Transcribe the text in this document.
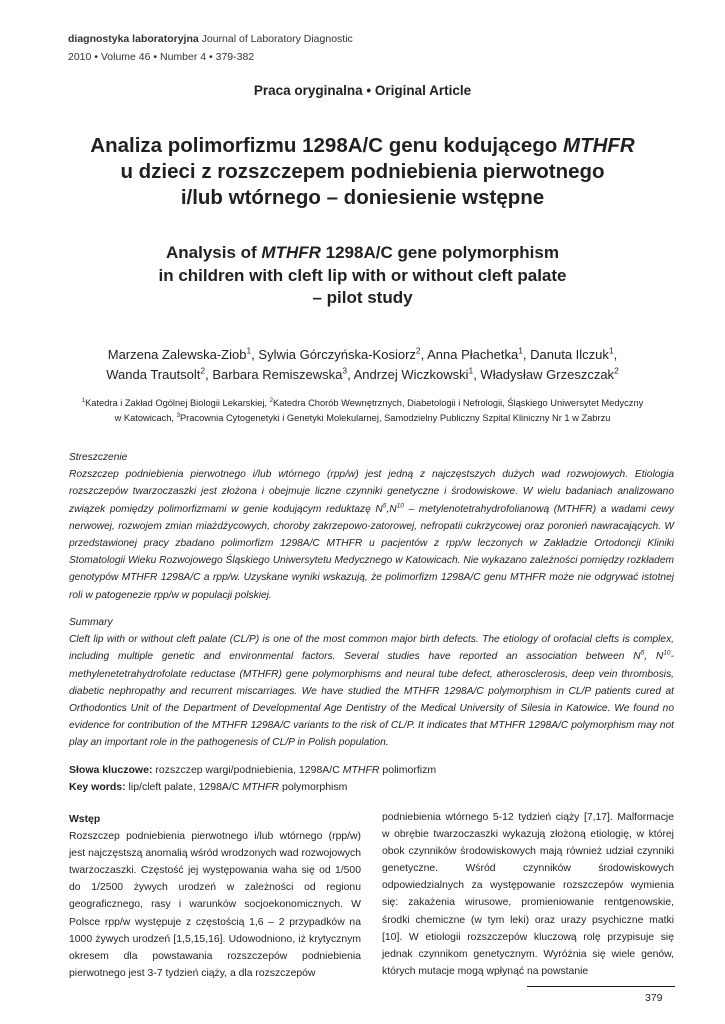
diagnostyka laboratoryjna Journal of Laboratory Diagnostic
2010 • Volume 46 • Number 4 • 379-382
Praca oryginalna • Original Article
Analiza polimorfizmu 1298A/C genu kodującego MTHFR
u dzieci z rozszczepem podniebienia pierwotnego
i/lub wtórnego – doniesienie wstępne
Analysis of MTHFR 1298A/C gene polymorphism
in children with cleft lip with or without cleft palate
– pilot study
Marzena Zalewska-Ziob$^1$, Sylwia Górczyńska-Kosiorz$^2$, Anna Płachetka$^1$, Danuta Ilczuk$^1$,
Wanda Trautsolt$^2$, Barbara Remiszewska$^3$, Andrzej Wiczkowski$^1$, Władysław Grzeszczak$^2$
$^1$Katedra i Zakład Ogólnej Biologii Lekarskiej, $^2$Katedra Chorób Wewnętrznych, Diabetologii i Nefrologii, Śląskiego Uniwersytet Medyczny
w Katowicach, $^3$Pracownia Cytogenetyki i Genetyki Molekularnej, Samodzielny Publiczny Szpital Kliniczny Nr 1 w Zabrzu
Streszczenie
Rozszczep podniebienia pierwotnego i/lub wtórnego (rpp/w) jest jedną z najczęstszych dużych wad rozwojowych. Etiologia rozszczepów twarzoczaszki jest złożona i obejmuje liczne czynniki genetyczne i środowiskowe. W wielu badaniach analizowano związek pomiędzy polimorfizmami w genie kodującym reduktazę $N^5,N^{10}$ – metylenotetrahydrofolianową (MTHFR) a wadami cewy nerwowej, rozwojem zmian miażdżycowych, choroby zakrzepowo-zatorowej, nefropatii cukrzycowej oraz poronień nawracających. W przedstawionej pracy zbadano polimorfizm 1298A/C MTHFR u pacjentów z rpp/w leczonych w Zakładzie Ortodoncji Kliniki Stomatologii Wieku Rozwojowego Śląskiego Uniwersytetu Medycznego w Katowicach. Nie wykazano zależności pomiędzy rozkładem genotypów MTHFR 1298A/C a rpp/w. Uzyskane wyniki wskazują, że polimorfizm 1298A/C genu MTHFR może nie odgrywać istotnej roli w patogenezie rpp/w w populacji polskiej.
Summary
Cleft lip with or without cleft palate (CL/P) is one of the most common major birth defects. The etiology of orofacial clefts is complex, including multiple genetic and environmental factors. Several studies have reported an association between $N^5$, $N^{10}$-methylenetetrahydrofolate reductase (MTHFR) gene polymorphisms and neural tube defect, atherosclerosis, deep vein thrombosis, diabetic nephropathy and recurrent miscarriages. We have studied the MTHFR 1298A/C polymorphism in CL/P patients cured at Orthodontics Unit of the Department of Developmental Age Dentistry of the Medical University of Silesia in Katowice. We found no evidence for contribution of the MTHFR 1298A/C variants to the risk of CL/P. It indicates that MTHFR 1298A/C polymorphism may not play an important role in the pathogenesis of CL/P in Polish population.
Słowa kluczowe: rozszczep wargi/podniebienia, 1298A/C MTHFR polimorfizm
Key words: lip/cleft palate, 1298A/C MTHFR polymorphism
Wstęp

Rozszczep podniebienia pierwotnego i/lub wtórnego (rpp/w) jest najczęstszą anomalią wśród wrodzonych wad rozwojowych twarzoczaszki. Częstość jej występowania waha się od 1/500 do 1/2500 żywych urodzeń w zależności od regionu geograficznego, rasy i warunków socjoekonomicznych. W Polsce rpp/w występuje z częstością 1,6 – 2 przypadków na 1000 żywych urodzeń [1,5,15,16]. Udowodniono, iż krytycznym okresem dla powstawania rozszczepów podniebienia pierwotnego jest 3-7 tydzień ciąży, a dla rozszczepów

podniebienia wtórnego 5-12 tydzień ciąży [7,17]. Malformacje w obrębie twarzoczaszki wykazują złożoną etiologię, w której obok czynników środowiskowych mają również udział czynniki genetyczne. Wśród czynników środowiskowych odpowiedzialnych za występowanie rozszczepów wymienia się: zakażenia wirusowe, promieniowanie rentgenowskie, środki chemiczne (w tym leki) oraz urazy psychiczne matki [10]. W etiologii rozszczepów kluczową rolę przypisuje się jednak czynnikom genetycznym. Wyróżnia się wiele genów, których mutacje mogą wpłynąć na powstanie

379
